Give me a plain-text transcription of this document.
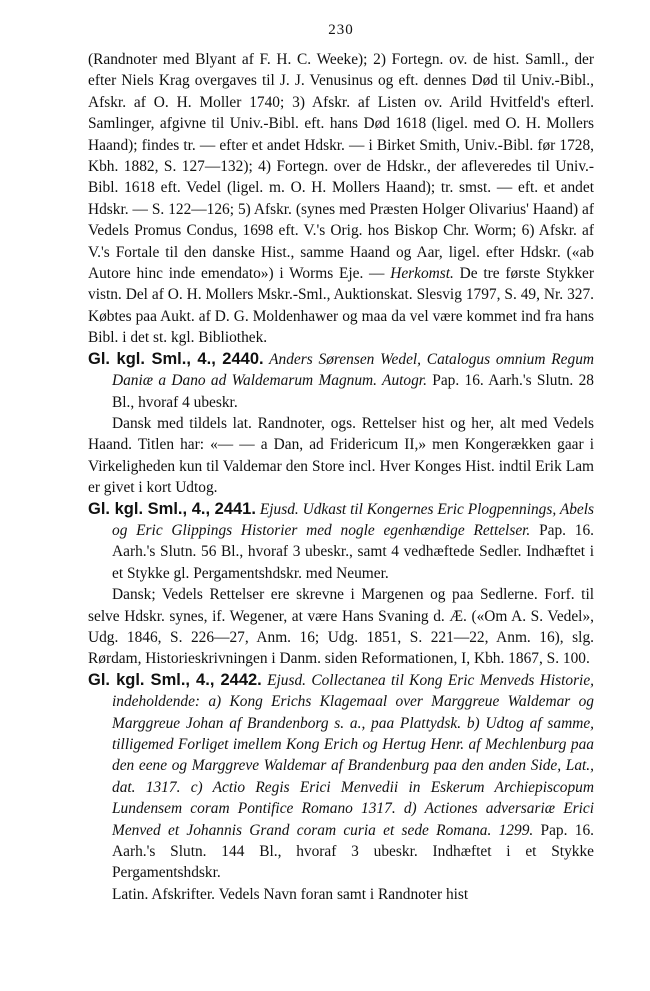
230

(Randnoter med Blyant af F. H. C. Weeke); 2) Fortegn. ov. de hist. Samll., der efter Niels Krag overgaves til J. J. Venusinus og eft. dennes Død til Univ.-Bibl., Afskr. af O. H. Moller 1740; 3) Afskr. af Listen ov. Arild Hvitfeld's efterl. Samlinger, afgivne til Univ.-Bibl. eft. hans Død 1618 (ligel. med O. H. Mollers Haand); findes tr. — efter et andet Hdskr. — i Birket Smith, Univ.-Bibl. før 1728, Kbh. 1882, S. 127—132); 4) Fortegn. over de Hdskr., der afleveredes til Univ.-Bibl. 1618 eft. Vedel (ligel. m. O. H. Mollers Haand); tr. smst. — eft. et andet Hdskr. — S. 122—126; 5) Afskr. (synes med Præsten Holger Olivarius' Haand) af Vedels Promus Condus, 1698 eft. V.'s Orig. hos Biskop Chr. Worm; 6) Afskr. af V.'s Fortale til den danske Hist., samme Haand og Aar, ligel. efter Hdskr. («ab Autore hinc inde emendato») i Worms Eje. — Herkomst. De tre første Stykker vistn. Del af O. H. Mollers Mskr.-Sml., Auktionskat. Slesvig 1797, S. 49, Nr. 327. Købtes paa Aukt. af D. G. Moldenhawer og maa da vel være kommet ind fra hans Bibl. i det st. kgl. Bibliothek.

Gl. kgl. Sml., 4., 2440. Anders Sørensen Wedel, Catalogus omnium Regum Daniæ a Dano ad Waldemarum Magnum. Autogr. Pap. 16. Aarh.'s Slutn. 28 Bl., hvoraf 4 ubeskr.

Dansk med tildels lat. Randnoter, ogs. Rettelser hist og her, alt med Vedels Haand. Titlen har: «— — a Dan, ad Fridericum II,» men Kongerækken gaar i Virkeligheden kun til Valdemar den Store incl. Hver Konges Hist. indtil Erik Lam er givet i kort Udtog.

Gl. kgl. Sml., 4., 2441. Ejusd. Udkast til Kongernes Eric Plogpennings, Abels og Eric Glippings Historier med nogle egenhændige Rettelser. Pap. 16. Aarh.'s Slutn. 56 Bl., hvoraf 3 ubeskr., samt 4 vedhæftede Sedler. Indhæftet i et Stykke gl. Pergamentshdskr. med Neumer.

Dansk; Vedels Rettelser ere skrevne i Margenen og paa Sedlerne. Forf. til selve Hdskr. synes, if. Wegener, at være Hans Svaning d. Æ. («Om A. S. Vedel», Udg. 1846, S. 226—27, Anm. 16; Udg. 1851, S. 221—22, Anm. 16), slg. Rørdam, Historieskrivningen i Danm. siden Reformationen, I, Kbh. 1867, S. 100.

Gl. kgl. Sml., 4., 2442. Ejusd. Collectanea til Kong Eric Menveds Historie, indeholdende: a) Kong Erichs Klagemaal over Marggreue Waldemar og Marggreue Johan af Brandenborg s. a., paa Plattydsk. b) Udtog af samme, tilligemed Forliget imellem Kong Erich og Hertug Henr. af Mechlenburg paa den eene og Marggreve Waldemar af Brandenburg paa den anden Side, Lat., dat. 1317. c) Actio Regis Erici Menvedii in Eskerum Archiepiscopum Lundensem coram Pontifice Romano 1317. d) Actiones adversariæ Erici Menved et Johannis Grand coram curia et sede Romana. 1299. Pap. 16. Aarh.'s Slutn. 144 Bl., hvoraf 3 ubeskr. Indhæftet i et Stykke Pergamentshdskr.

Latin. Afskrifter. Vedels Navn foran samt i Randnoter hist
